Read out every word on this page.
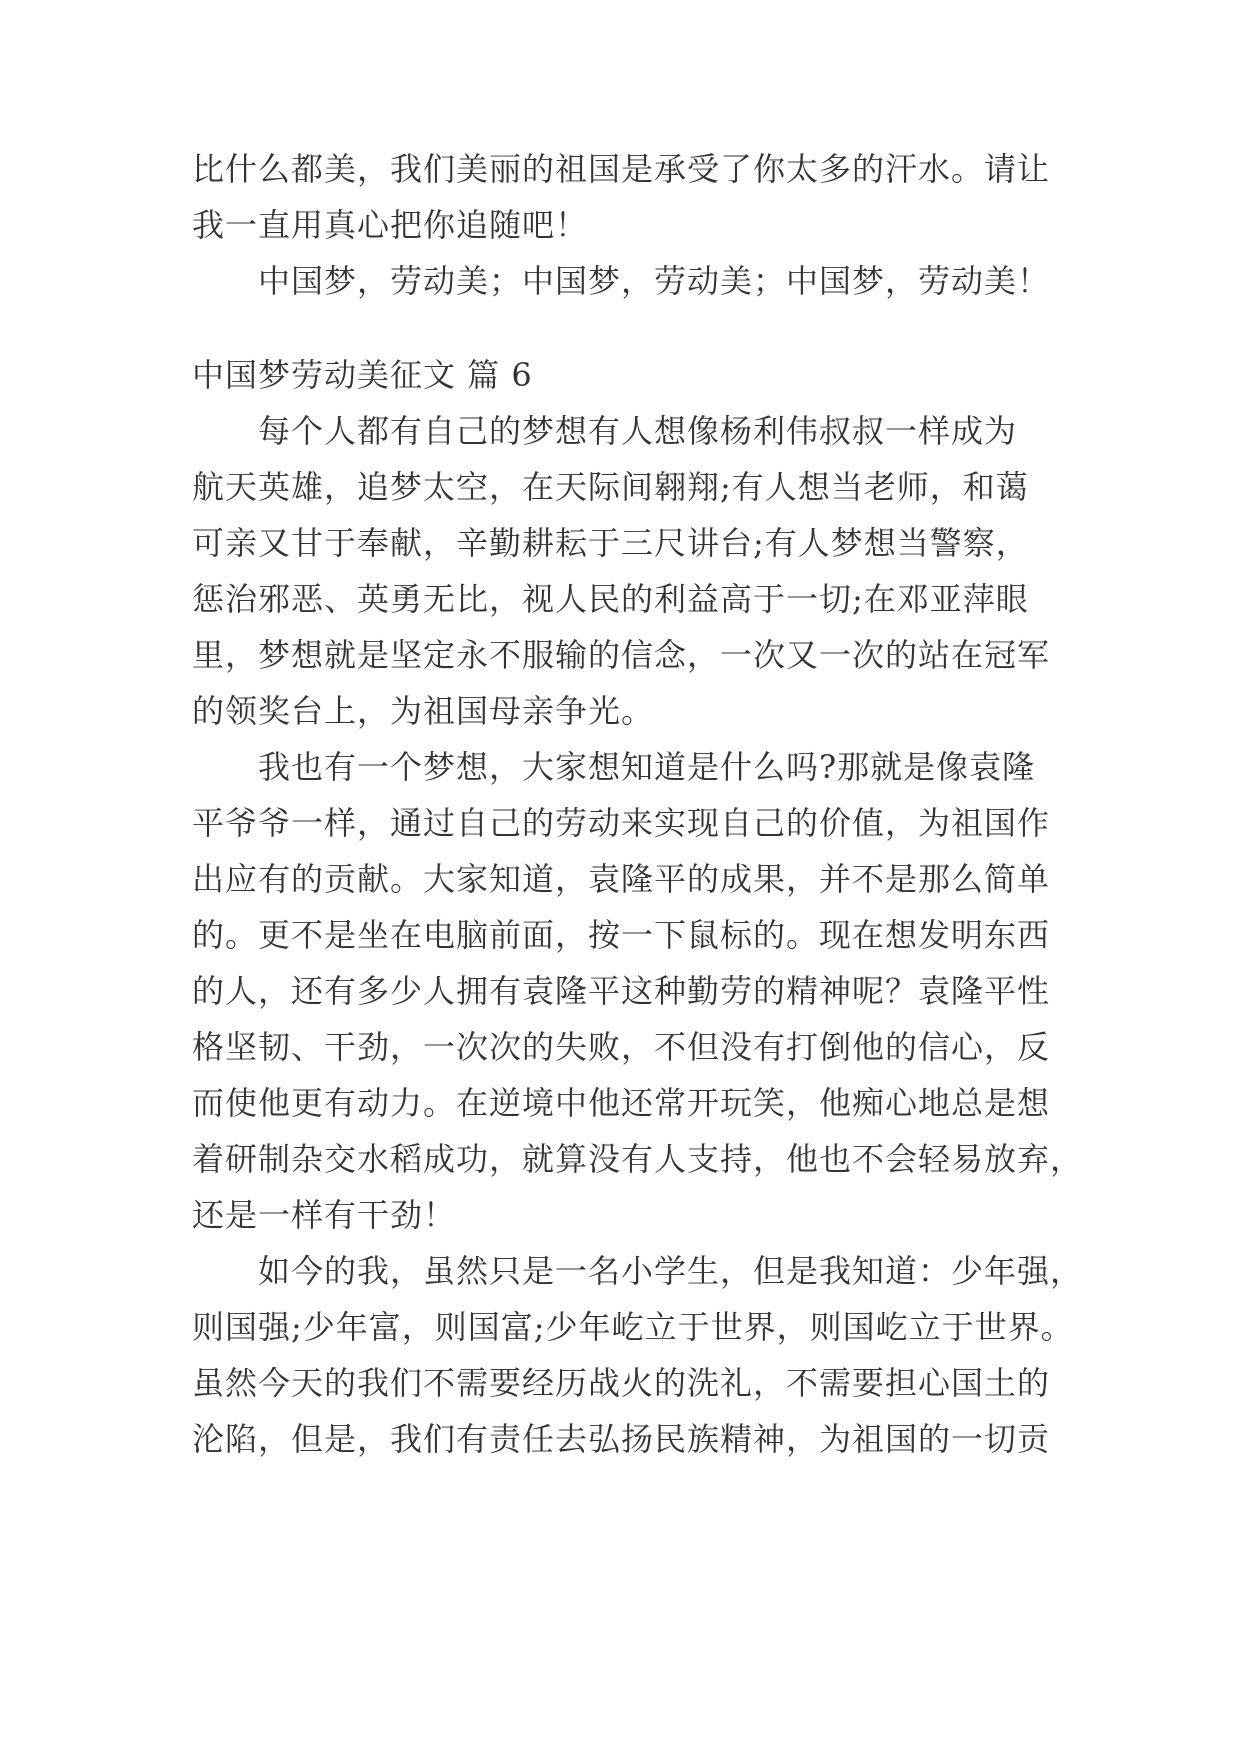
比什么都美，我们美丽的祖国是承受了你太多的汗水。请让
我一直用真心把你追随吧！
中国梦，劳动美；中国梦，劳动美；中国梦，劳动美！
中国梦劳动美征文 篇 6
每个人都有自己的梦想有人想像杨利伟叔叔一样成为
航天英雄，追梦太空，在天际间翱翔;有人想当老师，和蔼
可亲又甘于奉献，辛勤耕耘于三尺讲台;有人梦想当警察，
惩治邪恶、英勇无比，视人民的利益高于一切;在邓亚萍眼
里，梦想就是坚定永不服输的信念，一次又一次的站在冠军
的领奖台上，为祖国母亲争光。
我也有一个梦想，大家想知道是什么吗?那就是像袁隆
平爷爷一样，通过自己的劳动来实现自己的价值，为祖国作
出应有的贡献。大家知道，袁隆平的成果，并不是那么简单
的。更不是坐在电脑前面，按一下鼠标的。现在想发明东西
的人，还有多少人拥有袁隆平这种勤劳的精神呢？袁隆平性
格坚韧、干劲，一次次的失败，不但没有打倒他的信心，反
而使他更有动力。在逆境中他还常开玩笑，他痴心地总是想
着研制杂交水稻成功，就算没有人支持，他也不会轻易放弃，
还是一样有干劲！
如今的我，虽然只是一名小学生，但是我知道：少年强，
则国强;少年富，则国富;少年屹立于世界，则国屹立于世界。
虽然今天的我们不需要经历战火的洗礼，不需要担心国土的
沦陷，但是，我们有责任去弘扬民族精神，为祖国的一切贡
